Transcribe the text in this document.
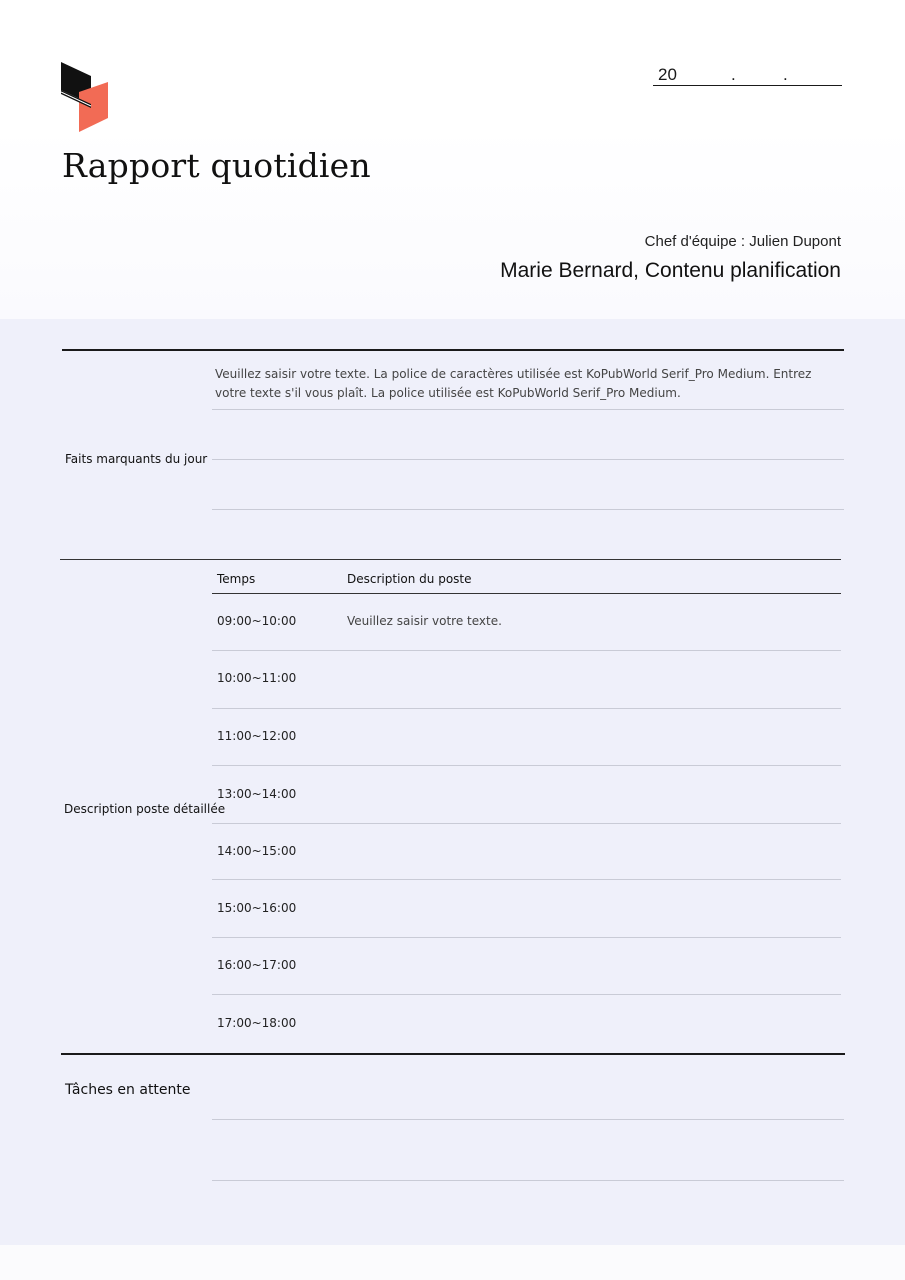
20	.	.
Rapport quotidien
Chef d'équipe : Julien Dupont
Marie Bernard, Contenu planification
Faits marquants du jour
Veuillez saisir votre texte. La police de caractères utilisée est KoPubWorld Serif_Pro Medium. Entrez votre texte s'il vous plaît. La police utilisée est KoPubWorld Serif_Pro Medium.
Description poste détaillée
Temps	Description du poste
09:00~10:00	Veuillez saisir votre texte.
10:00~11:00
11:00~12:00
13:00~14:00
14:00~15:00
15:00~16:00
16:00~17:00
17:00~18:00
Tâches en attente
